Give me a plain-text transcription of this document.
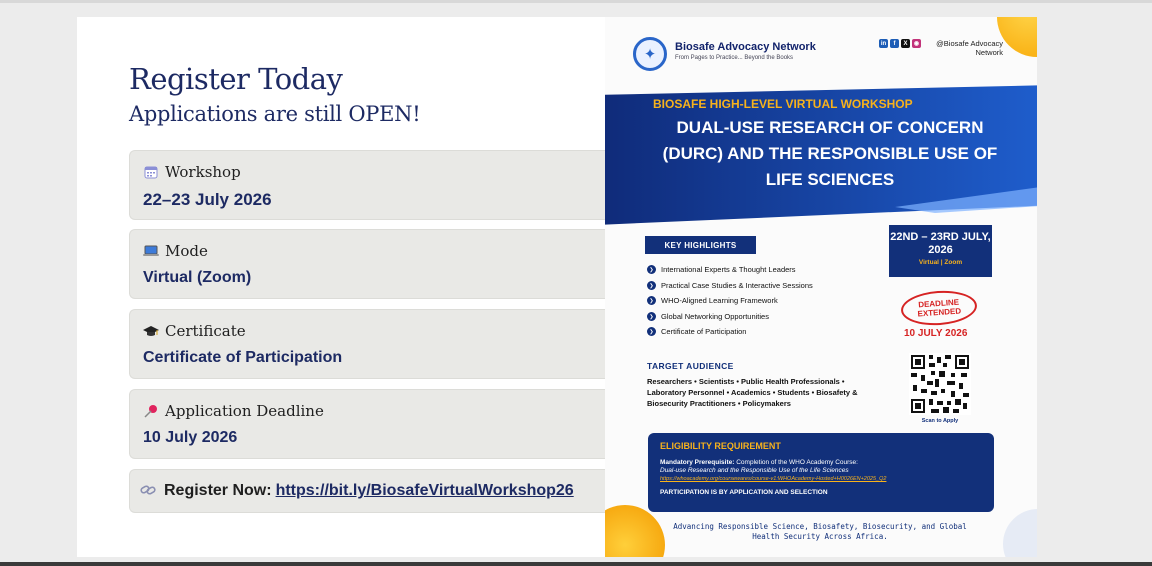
Register Today
Applications are still OPEN!
Workshop
22–23 July 2026
Mode
Virtual (Zoom)
Certificate
Certificate of Participation
Application Deadline
10 July 2026
Register Now: https://bit.ly/BiosafeVirtualWorkshop26
✦	Biosafe Advocacy Network
From Pages to Practice... Beyond the Books
in	f	X	◉	@Biosafe Advocacy Network
BIOSAFE HIGH-LEVEL VIRTUAL WORKSHOP
DUAL-USE RESEARCH OF CONCERN (DURC) AND THE RESPONSIBLE USE OF LIFE SCIENCES
KEY HIGHLIGHTS
❯ International Experts & Thought Leaders
❯ Practical Case Studies & Interactive Sessions
❯ WHO-Aligned Learning Framework
❯ Global Networking Opportunities
❯ Certificate of Participation
22ND – 23RD JULY, 2026
Virtual | Zoom
DEADLINE EXTENDED
10 JULY 2026
TARGET AUDIENCE
Researchers • Scientists • Public Health Professionals • Laboratory Personnel • Academics • Students • Biosafety & Biosecurity Practitioners • Policymakers
Scan to Apply
ELIGIBILITY REQUIREMENT
Mandatory Prerequisite: Completion of the WHO Academy Course:
Dual-use Research and the Responsible Use of the Life Sciences
https://whoacademy.org/coursewares/course-v1:WHOAcademy-Hosted+H0026EN+2025_Q2
PARTICIPATION IS BY APPLICATION AND SELECTION
Advancing Responsible Science, Biosafety, Biosecurity, and Global Health Security Across Africa.
